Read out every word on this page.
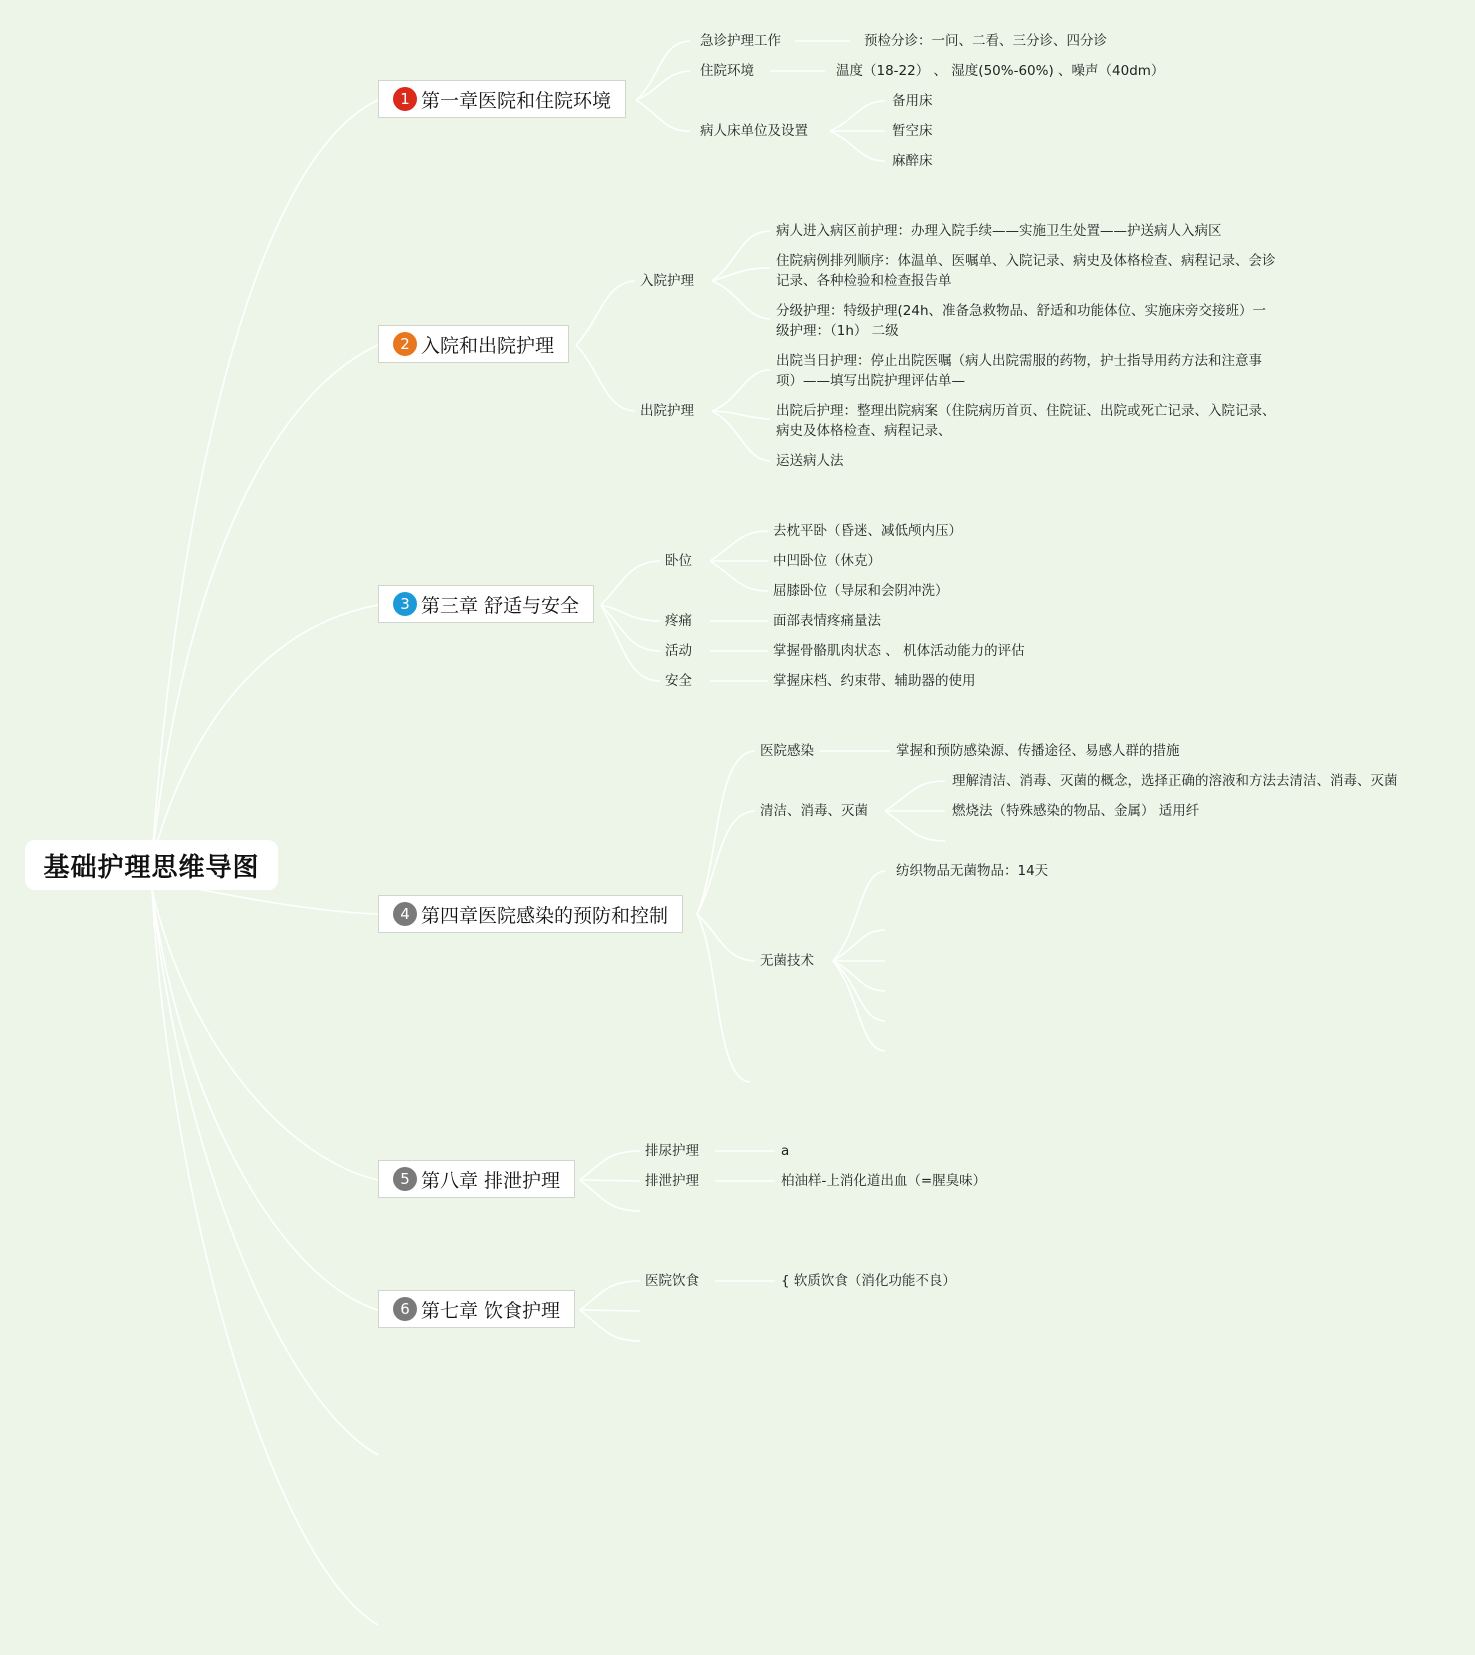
基础护理思维导图
1 第一章医院和住院环境
急诊护理工作	预检分诊：一问、二看、三分诊、四分诊
住院环境	温度（18-22） 、 湿度(50%-60%) 、噪声（40dm）
病人床单位及设置
备用床
暂空床
麻醉床
2 入院和出院护理
入院护理
病人进入病区前护理：办理入院手续——实施卫生处置——护送病人入病区
住院病例排列顺序：体温单、医嘱单、入院记录、病史及体格检查、病程记录、会诊记录、各种检验和检查报告单
分级护理：特级护理(24h、准备急救物品、舒适和功能体位、实施床旁交接班）一级护理：（1h） 二级
出院护理
出院当日护理：停止出院医嘱（病人出院需服的药物，护士指导用药方法和注意事项）——填写出院护理评估单—
出院后护理：整理出院病案（住院病历首页、住院证、出院或死亡记录、入院记录、病史及体格检查、病程记录、
运送病人法
3 第三章 舒适与安全
卧位
去枕平卧（昏迷、减低颅内压）
中凹卧位（休克）
屈膝卧位（导尿和会阴冲洗）
疼痛	面部表情疼痛量法
活动	掌握骨骼肌肉状态 、 机体活动能力的评估
安全	掌握床档、约束带、辅助器的使用
4 第四章医院感染的预防和控制
医院感染	掌握和预防感染源、传播途径、易感人群的措施
清洁、消毒、灭菌
理解清洁、消毒、灭菌的概念，选择正确的溶液和方法去清洁、消毒、灭菌
燃烧法（特殊感染的物品、金属） 适用纤
无菌技术
纺织物品无菌物品：14天
5 第八章 排泄护理
排尿护理	a
排泄护理	柏油样-上消化道出血（=腥臭味）
6 第七章 饮食护理
医院饮食	{ 软质饮食（消化功能不良）
